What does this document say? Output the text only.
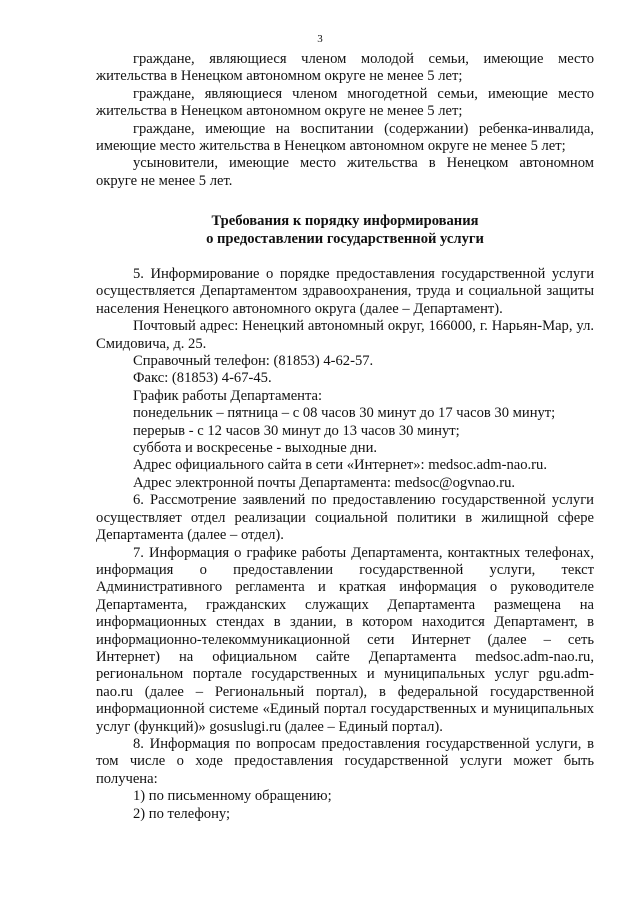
3

граждане, являющиеся членом молодой семьи, имеющие место жительства в Ненецком автономном округе не менее 5 лет;

граждане, являющиеся членом многодетной семьи, имеющие место жительства в Ненецком автономном округе не менее 5 лет;

граждане, имеющие на воспитании (содержании) ребенка-инвалида, имеющие место жительства в Ненецком автономном округе не менее 5 лет;

усыновители, имеющие место жительства в Ненецком автономном округе не менее 5 лет.

Требования к порядку информирования
о предоставлении государственной услуги

5. Информирование о порядке предоставления государственной услуги осуществляется Департаментом здравоохранения, труда и социальной защиты населения Ненецкого автономного округа (далее – Департамент).

Почтовый адрес: Ненецкий автономный округ, 166000, г. Нарьян-Мар, ул. Смидовича, д. 25.

Справочный телефон: (81853) 4-62-57.

Факс: (81853) 4-67-45.

График работы Департамента:

понедельник – пятница – с 08 часов 30 минут до 17 часов 30 минут;

перерыв - с 12 часов 30 минут до 13 часов 30 минут;

суббота и воскресенье - выходные дни.

Адрес официального сайта в сети «Интернет»: medsoc.adm-nao.ru.

Адрес электронной почты Департамента: medsoc@ogvnao.ru.

6. Рассмотрение заявлений по предоставлению государственной услуги осуществляет отдел реализации социальной политики в жилищной сфере Департамента (далее – отдел).

7. Информация о графике работы Департамента, контактных телефонах, информация о предоставлении государственной услуги, текст Административного регламента и краткая информация о руководителе Департамента, гражданских служащих Департамента размещена на информационных стендах в здании, в котором находится Департамент, в информационно-телекоммуникационной сети Интернет (далее – сеть Интернет) на официальном сайте Департамента medsoc.adm-nao.ru, региональном портале государственных и муниципальных услуг pgu.adm-nao.ru (далее – Региональный портал), в федеральной государственной информационной системе «Единый портал государственных и муниципальных услуг (функций)» gosuslugi.ru (далее – Единый портал).

8. Информация по вопросам предоставления государственной услуги, в том числе о ходе предоставления государственной услуги может быть получена:

1) по письменному обращению;

2) по телефону;
